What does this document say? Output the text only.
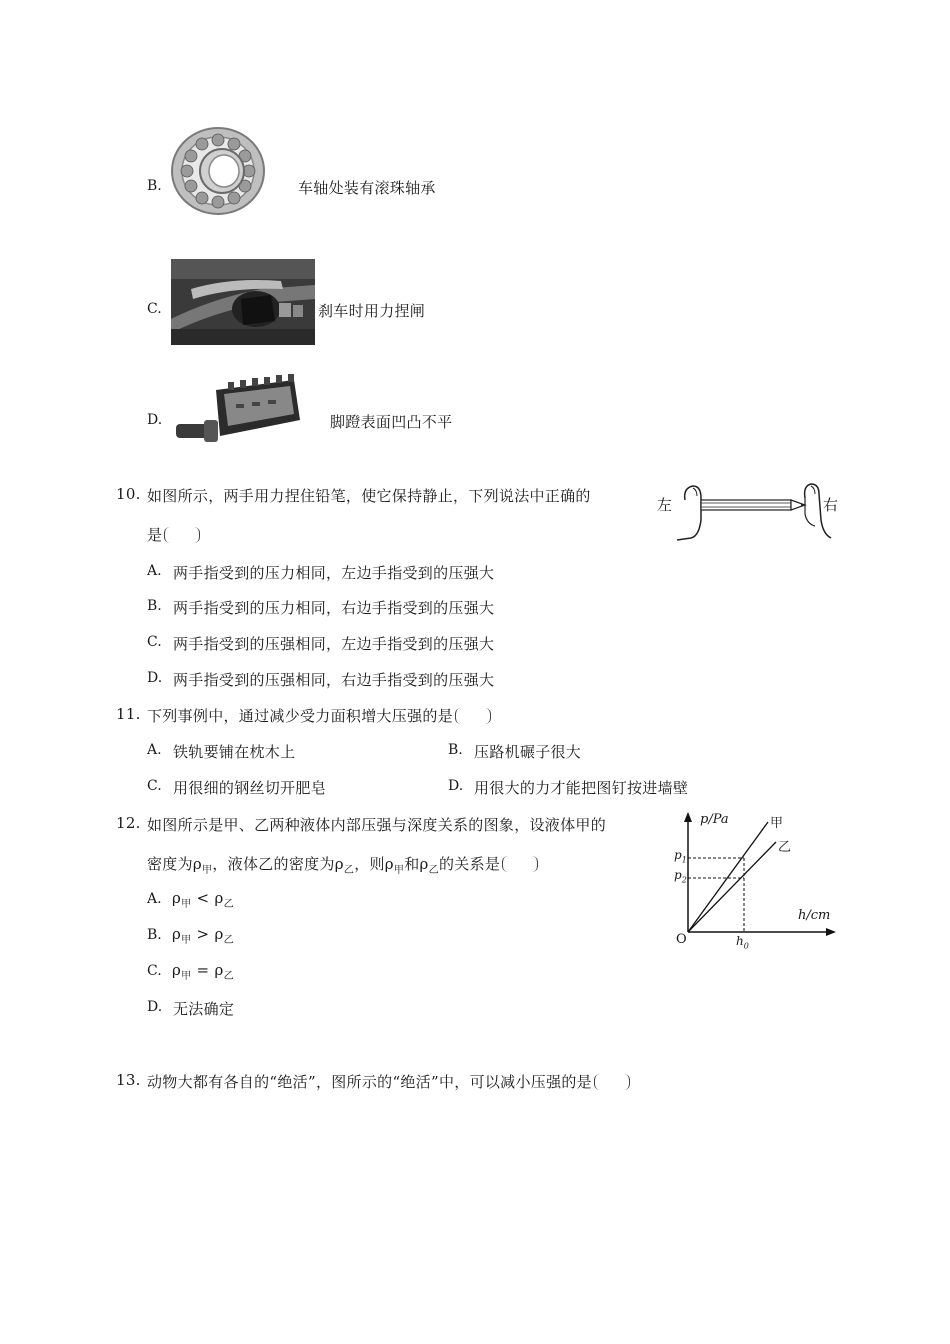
B.	车轴处装有滚珠轴承
C.	刹车时用力捏闸
D.	脚蹬表面凹凸不平
10. 如图所示，两手用力捏住铅笔，使它保持静止，下列说法中正确的
是
左	右
A. 两手指受到的压力相同，左边手指受到的压强大
B. 两手指受到的压力相同，右边手指受到的压强大
C. 两手指受到的压强相同，左边手指受到的压强大
D. 两手指受到的压强相同，右边手指受到的压强大
11. 下列事例中，通过减少受力面积增大压强的是
A. 铁轨要铺在枕木上	B. 压路机碾子很大
C. 用很细的钢丝切开肥皂	D. 用很大的力才能把图钉按进墙壁
12. 如图所示是甲、乙两种液体内部压强与深度关系的图象，设液体甲的
密度为$\rho_甲$，液体乙的密度为$\rho_乙$，则$\rho_甲$和$\rho_乙$的关系是
A. $\rho_甲 < \rho_乙$
B. $\rho_甲 > \rho_乙$
C. $\rho_甲 = \rho_乙$
D. 无法确定
p/Pa
h/cm
O
$p_1$
$p_2$
$h_0$
甲
乙
13. 动物大都有各自的“绝活”，图所示的“绝活”中，可以减小压强的是
